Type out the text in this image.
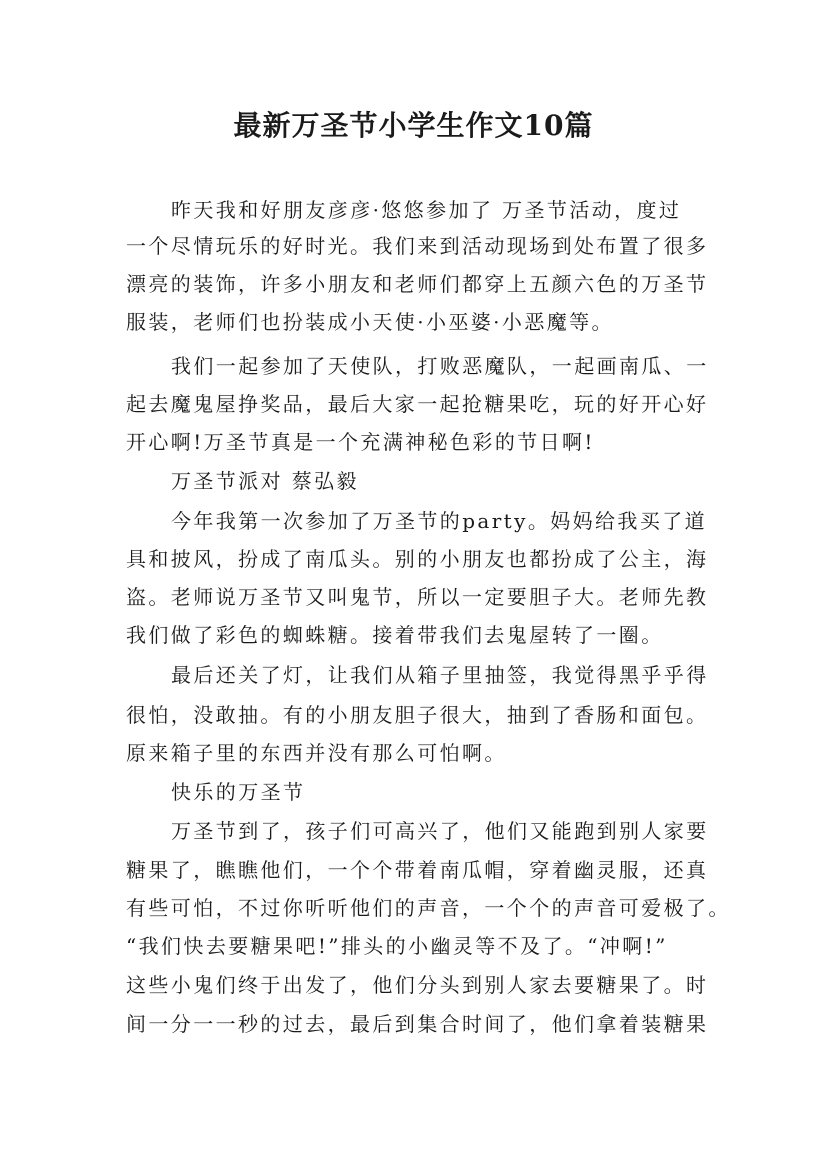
最新万圣节小学生作文10篇

昨天我和好朋友彦彦·悠悠参加了 万圣节活动，度过

一个尽情玩乐的好时光。我们来到活动现场到处布置了很多

漂亮的装饰，许多小朋友和老师们都穿上五颜六色的万圣节

服装，老师们也扮装成小天使·小巫婆·小恶魔等。

我们一起参加了天使队，打败恶魔队，一起画南瓜、一

起去魔鬼屋挣奖品，最后大家一起抢糖果吃，玩的好开心好

开心啊!万圣节真是一个充满神秘色彩的节日啊!

万圣节派对 蔡弘毅

今年我第一次参加了万圣节的party。妈妈给我买了道

具和披风，扮成了南瓜头。别的小朋友也都扮成了公主，海

盗。老师说万圣节又叫鬼节，所以一定要胆子大。老师先教

我们做了彩色的蜘蛛糖。接着带我们去鬼屋转了一圈。

最后还关了灯，让我们从箱子里抽签，我觉得黑乎乎得

很怕，没敢抽。有的小朋友胆子很大，抽到了香肠和面包。

原来箱子里的东西并没有那么可怕啊。

快乐的万圣节

万圣节到了，孩子们可高兴了，他们又能跑到别人家要

糖果了，瞧瞧他们，一个个带着南瓜帽，穿着幽灵服，还真

有些可怕，不过你听听他们的声音，一个个的声音可爱极了。

“我们快去要糖果吧!”排头的小幽灵等不及了。“冲啊!”

这些小鬼们终于出发了，他们分头到别人家去要糖果了。时

间一分一一秒的过去，最后到集合时间了，他们拿着装糖果
